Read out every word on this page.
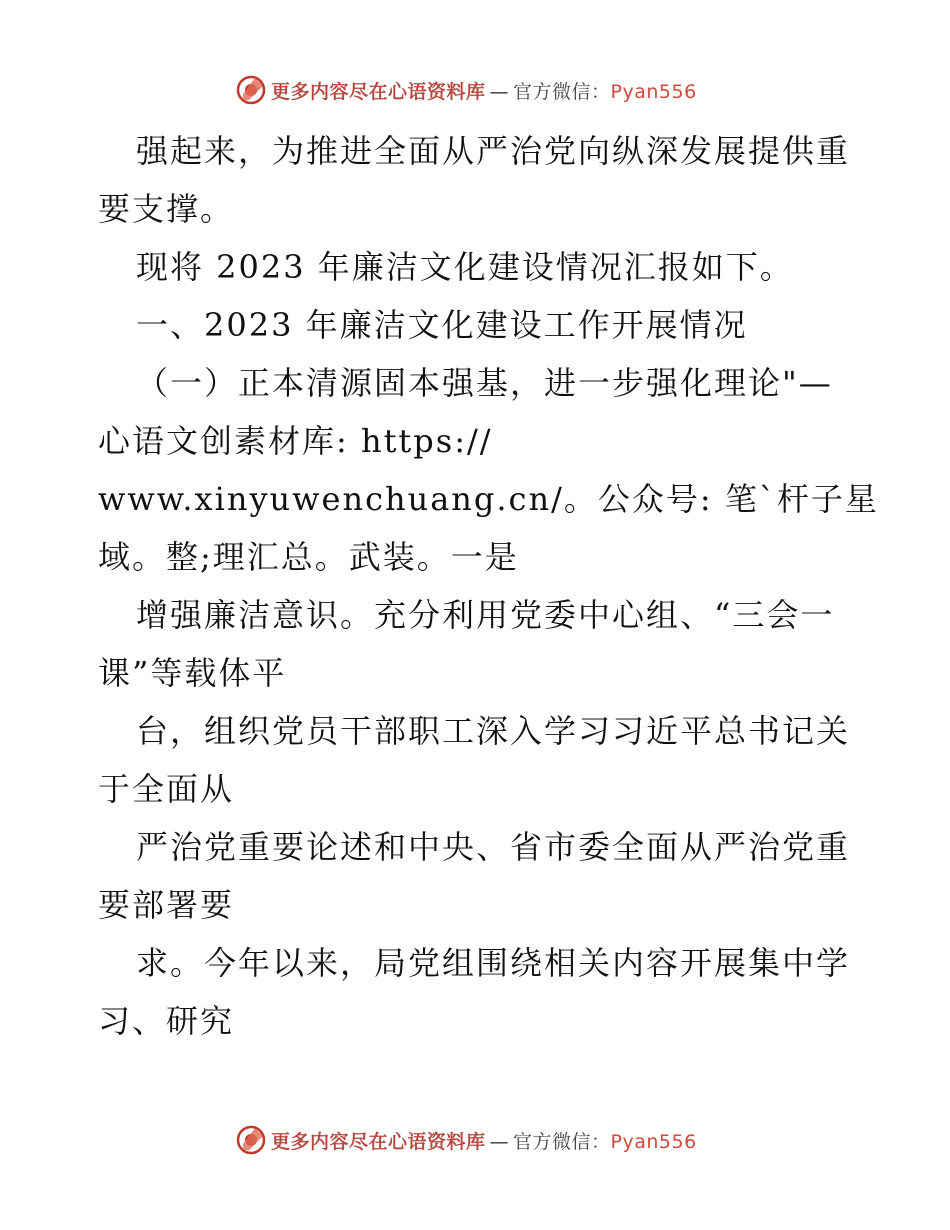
更多内容尽在心语资料库 — 官方微信：Pyan556
强起来，为推进全面从严治党向纵深发展提供重
要支撑。
现将 2023 年廉洁文化建设情况汇报如下。
一、2023 年廉洁文化建设工作开展情况
（一）正本清源固本强基，进一步强化理论"—
心语文创素材库: https://
www.xinyuwenchuang.cn/。公众号: 笔`杆子星
域。整;理汇总。武装。一是
增强廉洁意识。充分利用党委中心组、“三会一
课”等载体平
台，组织党员干部职工深入学习习近平总书记关
于全面从
严治党重要论述和中央、省市委全面从严治党重
要部署要
求。今年以来，局党组围绕相关内容开展集中学
习、研究
更多内容尽在心语资料库 — 官方微信：Pyan556
